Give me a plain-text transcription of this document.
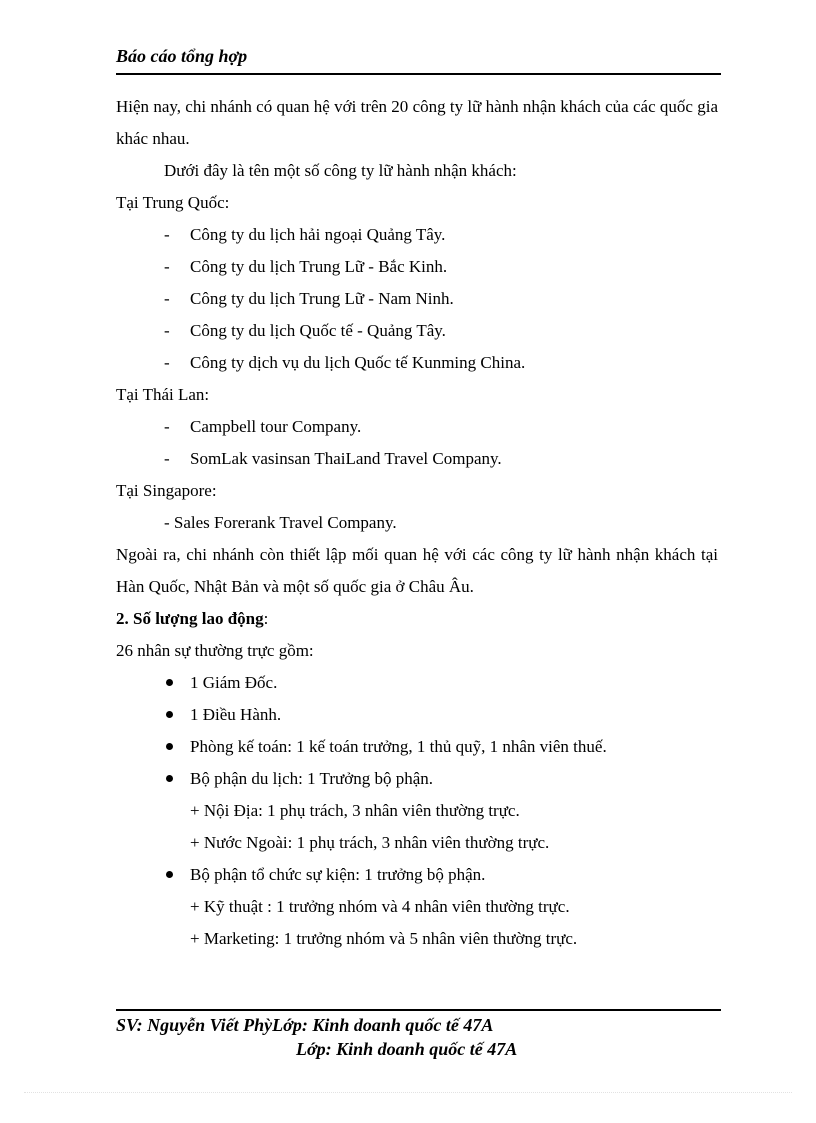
Báo cáo tổng hợp

Hiện nay, chi nhánh có quan hệ với trên 20 công ty lữ hành nhận khách của các quốc gia khác nhau.

Dưới đây là tên một số công ty lữ hành nhận khách:

Tại Trung Quốc:

- Công ty du lịch hải ngoại Quảng Tây.
- Công ty du lịch Trung Lữ - Bắc Kinh.
- Công ty du lịch Trung Lữ - Nam Ninh.
- Công ty du lịch Quốc tế - Quảng Tây.
- Công ty dịch vụ du lịch Quốc tế Kunming China.

Tại Thái Lan:

- Campbell tour Company.
- SomLak vasinsan ThaiLand Travel Company.

Tại Singapore:

- Sales Forerank Travel Company.

Ngoài ra, chi nhánh còn thiết lập mối quan hệ với các công ty lữ hành nhận khách tại Hàn Quốc, Nhật Bản và một số quốc gia ở Châu Âu.

2. Số lượng lao động:

26 nhân sự thường trực gồm:

1 Giám Đốc.
1 Điều Hành.
Phòng kế toán: 1 kế toán trưởng, 1 thủ quỹ, 1 nhân viên thuế.
Bộ phận du lịch: 1 Trưởng bộ phận.
+ Nội Địa: 1 phụ trách, 3 nhân viên thường trực.
+ Nước Ngoài: 1 phụ trách, 3 nhân viên thường trực.
Bộ phận tổ chức sự kiện: 1 trưởng bộ phận.
+ Kỹ thuật : 1 trưởng nhóm và 4 nhân viên thường trực.
+ Marketing: 1 trưởng nhóm và 5 nhân viên thường trực.
SV: Nguyễn Viết PhỳLớp: Kinh doanh quốc tế 47A
Lớp: Kinh doanh quốc tế 47A
